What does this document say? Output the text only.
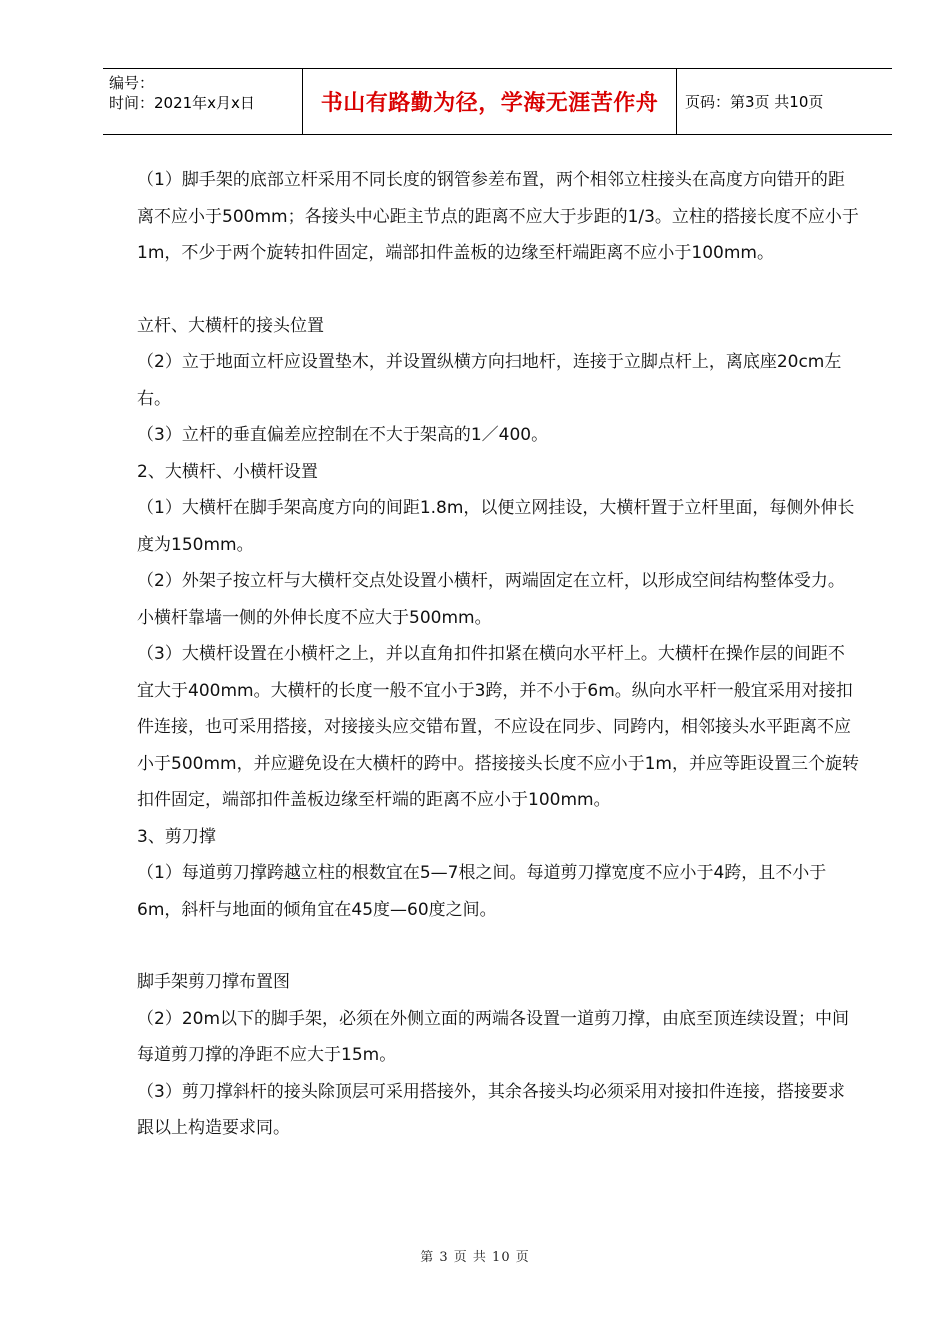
编号：
时间：2021年x月x日	书山有路勤为径，学海无涯苦作舟	页码：第3页 共10页

（1）脚手架的底部立杆采用不同长度的钢管参差布置，两个相邻立柱接头在高度方向错开的距离不应小于500mm；各接头中心距主节点的距离不应大于步距的1/3。立柱的搭接长度不应小于1m，不少于两个旋转扣件固定，端部扣件盖板的边缘至杆端距离不应小于100mm。

立杆、大横杆的接头位置

（2）立于地面立杆应设置垫木，并设置纵横方向扫地杆，连接于立脚点杆上，离底座20cm左右。

（3）立杆的垂直偏差应控制在不大于架高的1／400。

2、大横杆、小横杆设置

（1）大横杆在脚手架高度方向的间距1.8m，以便立网挂设，大横杆置于立杆里面，每侧外伸长度为150mm。

（2）外架子按立杆与大横杆交点处设置小横杆，两端固定在立杆，以形成空间结构整体受力。小横杆靠墙一侧的外伸长度不应大于500mm。

（3）大横杆设置在小横杆之上，并以直角扣件扣紧在横向水平杆上。大横杆在操作层的间距不宜大于400mm。大横杆的长度一般不宜小于3跨，并不小于6m。纵向水平杆一般宜采用对接扣件连接，也可采用搭接，对接接头应交错布置，不应设在同步、同跨内，相邻接头水平距离不应小于500mm，并应避免设在大横杆的跨中。搭接接头长度不应小于1m，并应等距设置三个旋转扣件固定，端部扣件盖板边缘至杆端的距离不应小于100mm。

3、剪刀撑

（1）每道剪刀撑跨越立柱的根数宜在5—7根之间。每道剪刀撑宽度不应小于4跨，且不小于6m，斜杆与地面的倾角宜在45度—60度之间。

脚手架剪刀撑布置图

（2）20m以下的脚手架，必须在外侧立面的两端各设置一道剪刀撑，由底至顶连续设置；中间每道剪刀撑的净距不应大于15m。

（3）剪刀撑斜杆的接头除顶层可采用搭接外，其余各接头均必须采用对接扣件连接，搭接要求跟以上构造要求同。

第 3 页 共 10 页
